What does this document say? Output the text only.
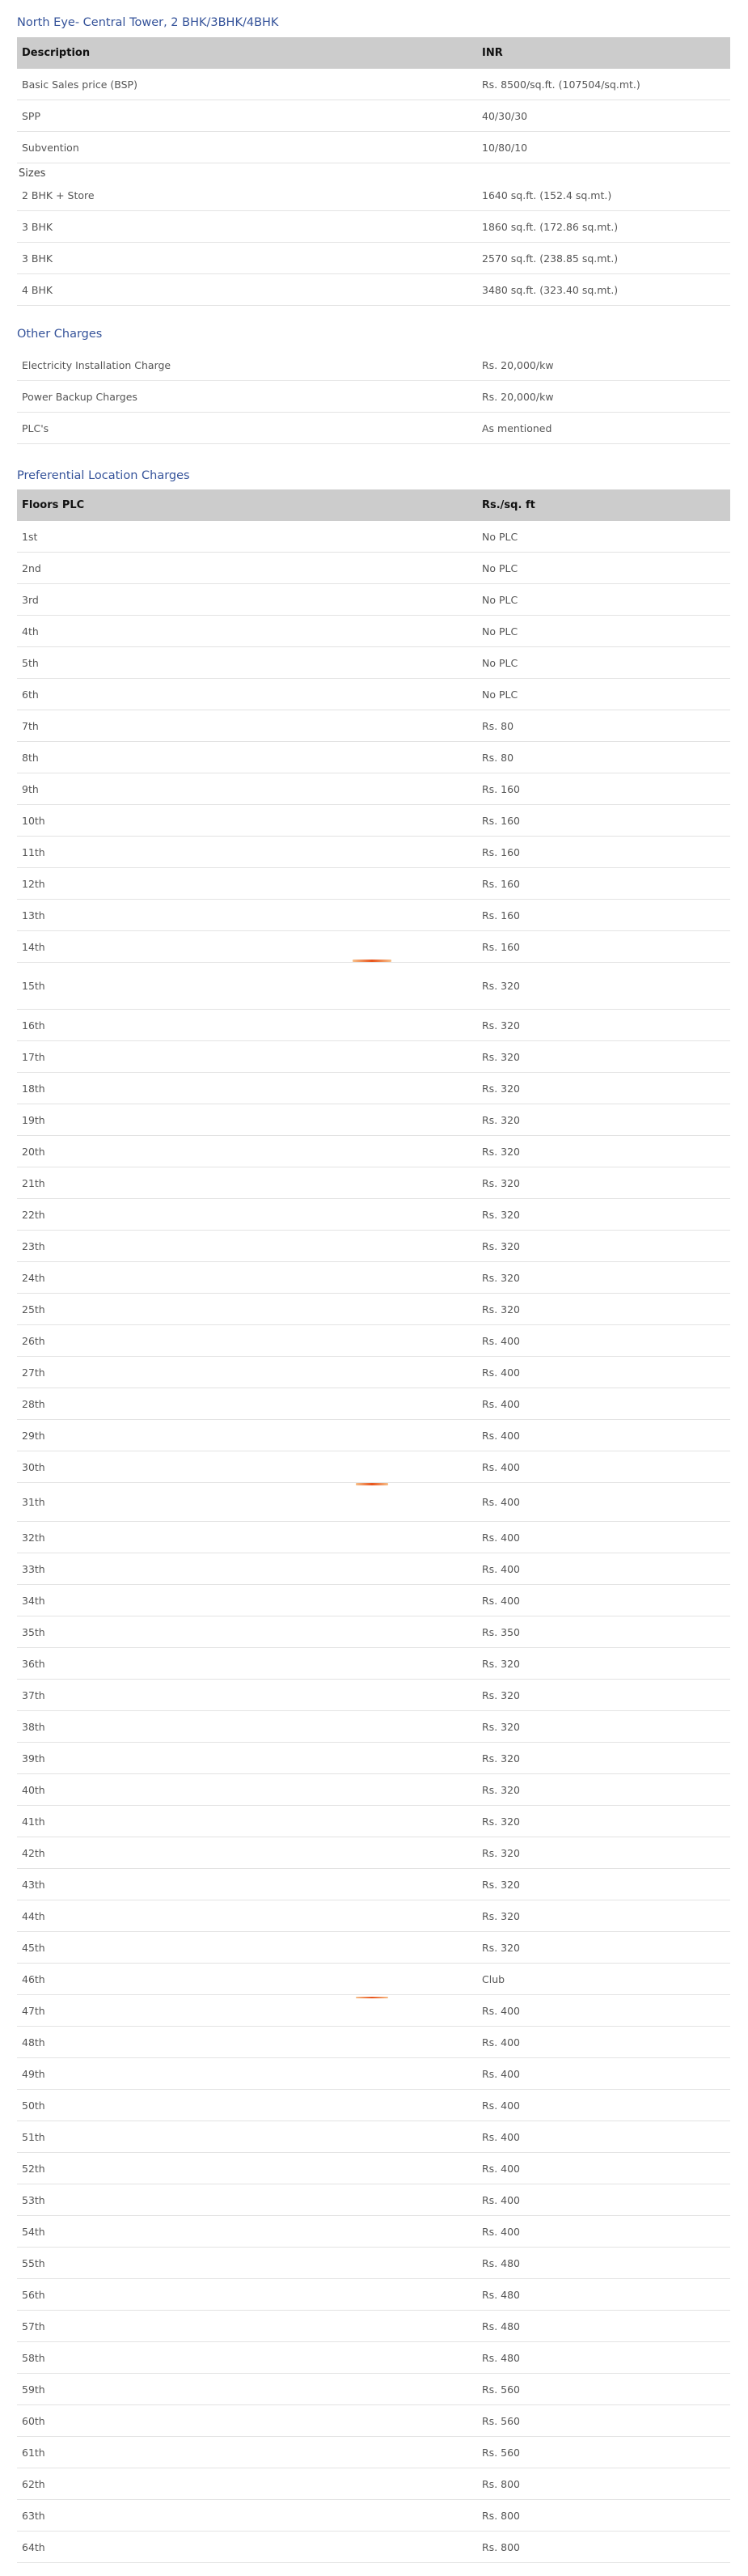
North Eye- Central Tower, 2 BHK/3BHK/4BHK
Description	INR
Basic Sales price (BSP)	Rs. 8500/sq.ft. (107504/sq.mt.)
SPP	40/30/30
Subvention	10/80/10
Sizes
2 BHK + Store	1640 sq.ft. (152.4 sq.mt.)
3 BHK	1860 sq.ft. (172.86 sq.mt.)
3 BHK	2570 sq.ft. (238.85 sq.mt.)
4 BHK	3480 sq.ft. (323.40 sq.mt.)
Other Charges
Electricity Installation Charge	Rs. 20,000/kw
Power Backup Charges	Rs. 20,000/kw
PLC's	As mentioned
Preferential Location Charges
Floors PLC	Rs./sq. ft
1st	No PLC
2nd	No PLC
3rd	No PLC
4th	No PLC
5th	No PLC
6th	No PLC
7th	Rs. 80
8th	Rs. 80
9th	Rs. 160
10th	Rs. 160
11th	Rs. 160
12th	Rs. 160
13th	Rs. 160
14th	Rs. 160
15th	Rs. 320
16th	Rs. 320
17th	Rs. 320
18th	Rs. 320
19th	Rs. 320
20th	Rs. 320
21th	Rs. 320
22th	Rs. 320
23th	Rs. 320
24th	Rs. 320
25th	Rs. 320
26th	Rs. 400
27th	Rs. 400
28th	Rs. 400
29th	Rs. 400
30th	Rs. 400
31th	Rs. 400
32th	Rs. 400
33th	Rs. 400
34th	Rs. 400
35th	Rs. 350
36th	Rs. 320
37th	Rs. 320
38th	Rs. 320
39th	Rs. 320
40th	Rs. 320
41th	Rs. 320
42th	Rs. 320
43th	Rs. 320
44th	Rs. 320
45th	Rs. 320
46th	Club
47th	Rs. 400
48th	Rs. 400
49th	Rs. 400
50th	Rs. 400
51th	Rs. 400
52th	Rs. 400
53th	Rs. 400
54th	Rs. 400
55th	Rs. 480
56th	Rs. 480
57th	Rs. 480
58th	Rs. 480
59th	Rs. 560
60th	Rs. 560
61th	Rs. 560
62th	Rs. 800
63th	Rs. 800
64th	Rs. 800
